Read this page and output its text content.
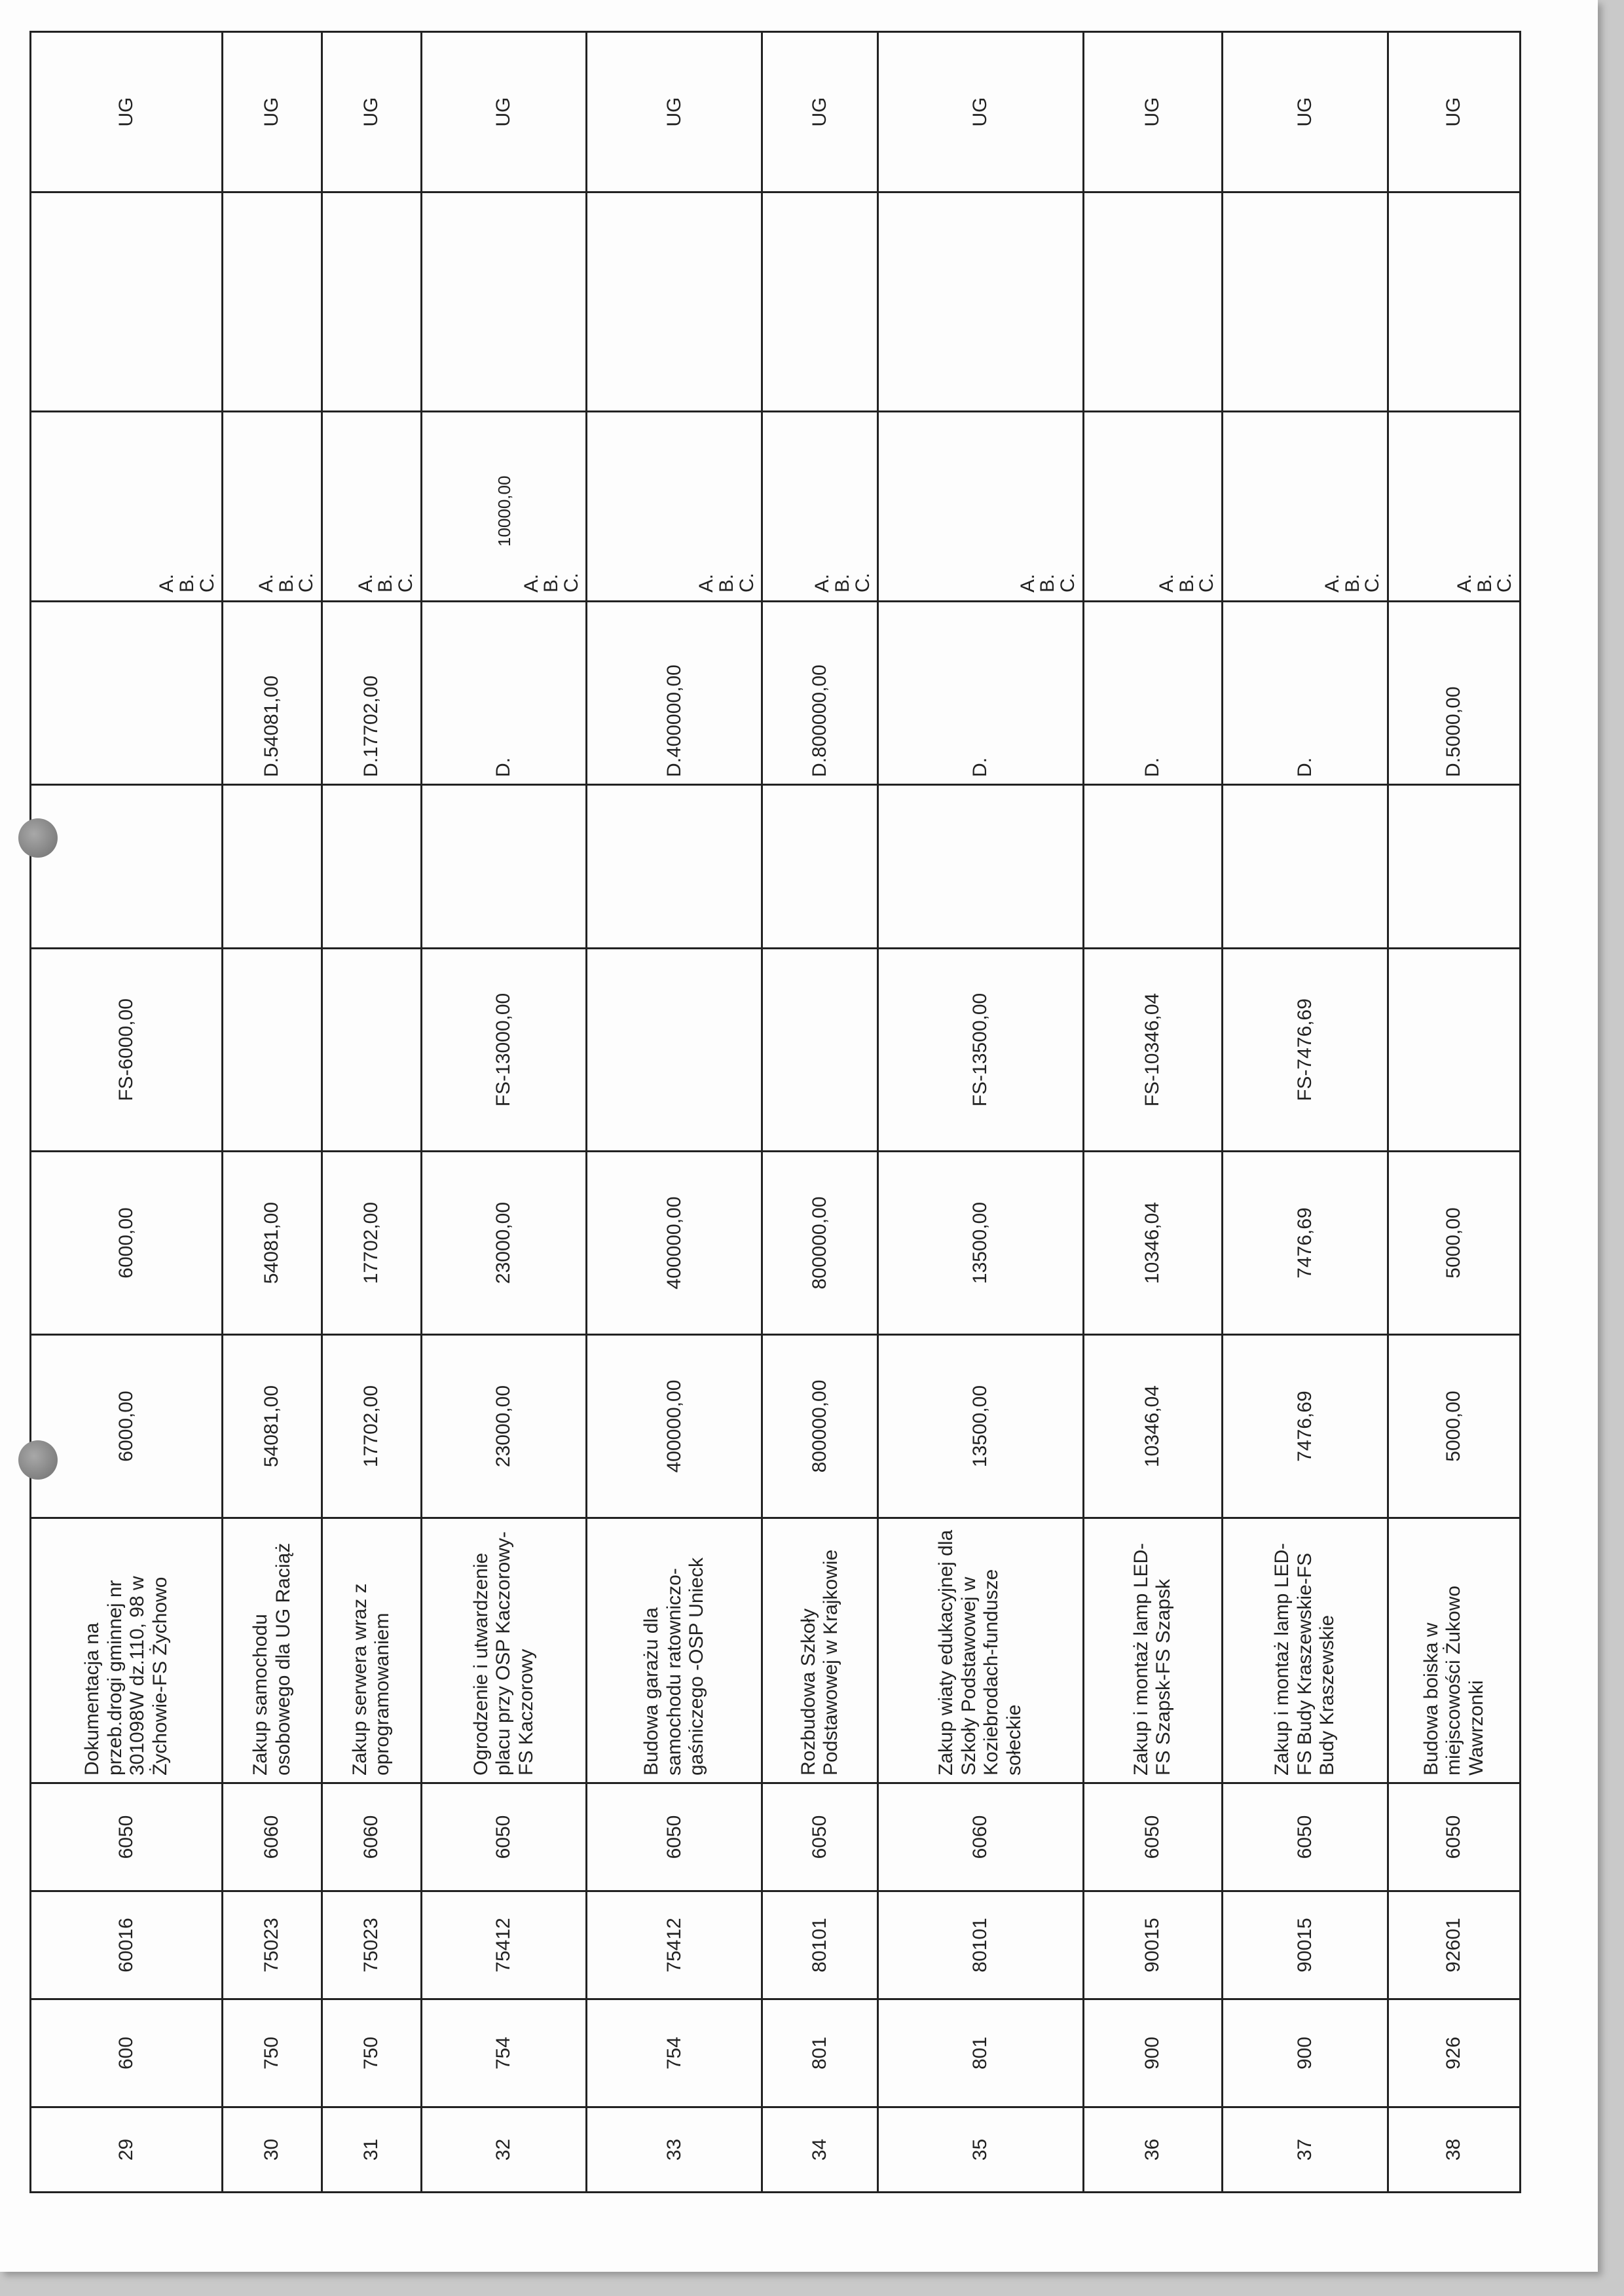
29	600	60016	6050	Dokumentacja na przeb.drogi gminnej nr 301098W dz.110, 98 w Żychowie-FS Żychowo	6000,00	6000,00	FS-6000,00			A.
B.
C.		UG
30	750	75023	6060	Zakup samochodu osobowego dla UG Raciąż	54081,00	54081,00			D.54081,00	A.
B.
C.		UG
31	750	75023	6060	Zakup serwera wraz z oprogramowaniem	17702,00	17702,00			D.17702,00	A.
B.
C.		UG
32	754	75412	6050	Ogrodzenie i utwardzenie placu przy OSP Kaczorowy-FS Kaczorowy	23000,00	23000,00	FS-13000,00		D.	10000,00
A.
B.
C.		UG
33	754	75412	6050	Budowa garażu dla samochodu ratowniczo-gaśniczego -OSP Unieck	400000,00	400000,00			D.400000,00	A.
B.
C.		UG
34	801	80101	6050	Rozbudowa Szkoły Podstawowej w Krajkowie	800000,00	800000,00			D.800000,00	A.
B.
C.		UG
35	801	80101	6060	Zakup wiaty edukacyjnej dla Szkoły Podstawowej w Koziebrodach-fundusze sołeckie	13500,00	13500,00	FS-13500,00		D.	A.
B.
C.		UG
36	900	90015	6050	Zakup i montaż lamp LED-FS Szapsk-FS Szapsk	10346,04	10346,04	FS-10346,04		D.	A.
B.
C.		UG
37	900	90015	6050	Zakup i montaż lamp LED-FS Budy Kraszewskie-FS Budy Kraszewskie	7476,69	7476,69	FS-7476,69		D.	A.
B.
C.		UG
38	926	92601	6050	Budowa boiska w miejscowości Żukowo Wawrzonki	5000,00	5000,00			D.5000,00	A.
B.
C.		UG
